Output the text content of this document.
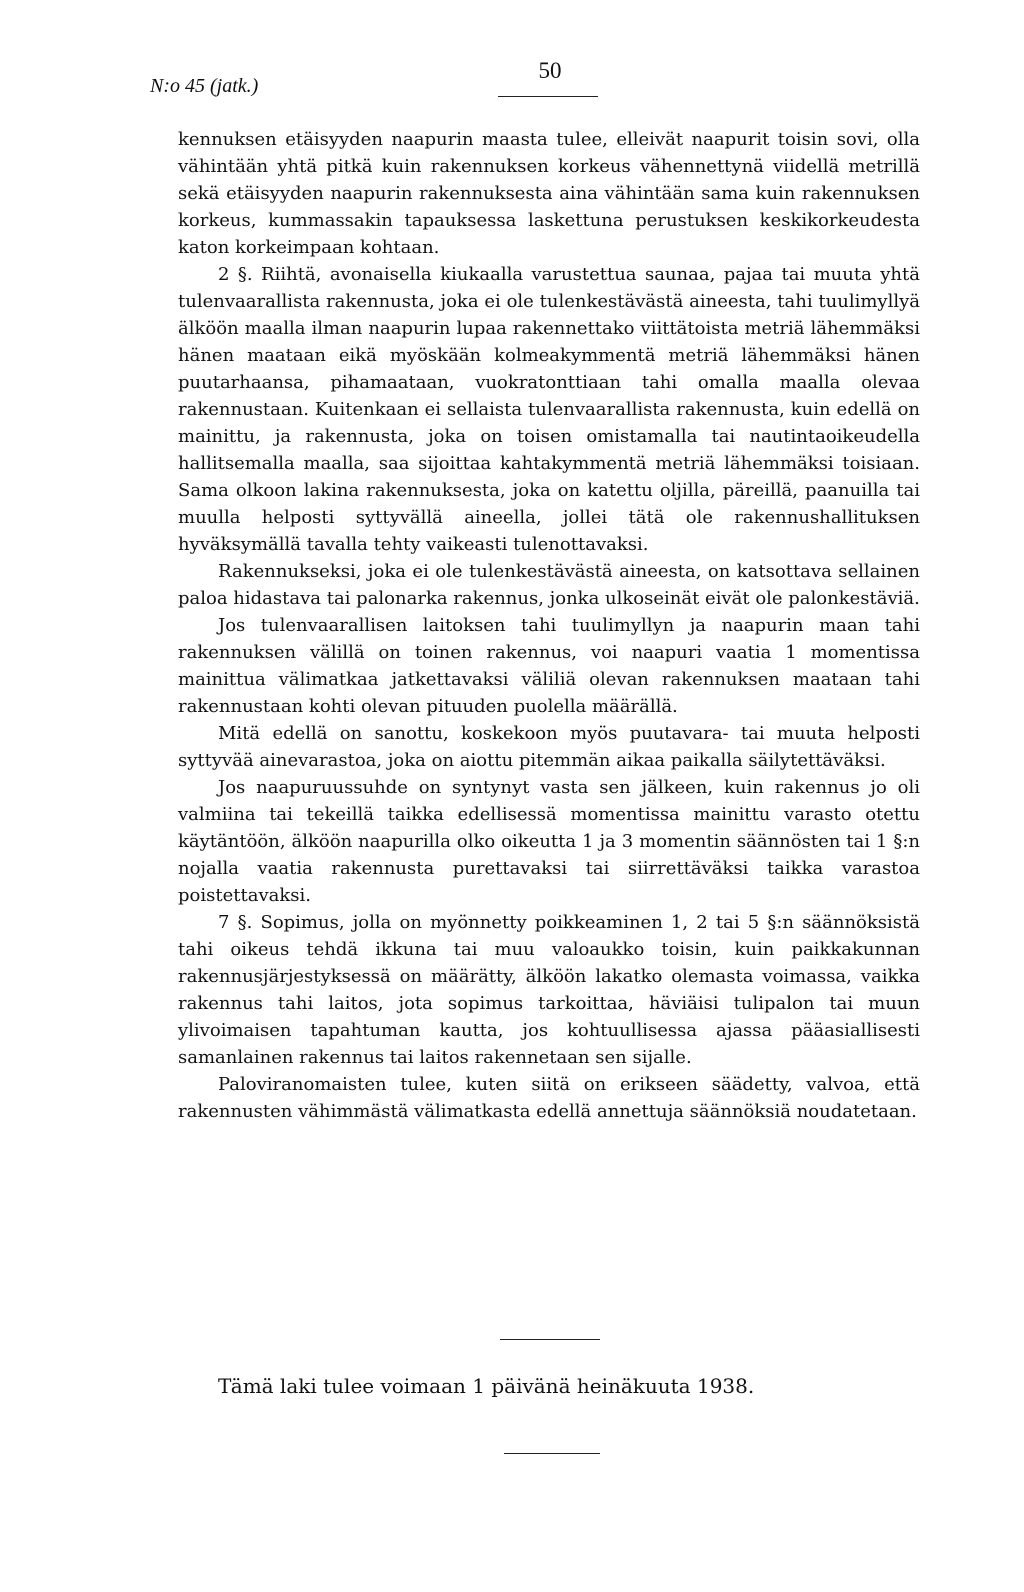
N:o 45 (jatk.)
50

kennuksen etäisyyden naapurin maasta tulee, elleivät naapurit toisin sovi, olla vähintään yhtä pitkä kuin rakennuksen korkeus vähennettynä viidellä metrillä sekä etäisyyden naapurin rakennuksesta aina vähintään sama kuin rakennuksen korkeus, kummassakin tapauksessa laskettuna perustuksen keskikorkeudesta katon korkeimpaan kohtaan.

2 §. Riihtä, avonaisella kiukaalla varustettua saunaa, pajaa tai muuta yhtä tulenvaarallista rakennusta, joka ei ole tulenkestävästä aineesta, tahi tuulimyllyä älköön maalla ilman naapurin lupaa rakennettako viittätoista metriä lähemmäksi hänen maataan eikä myöskään kolmeakymmentä metriä lähemmäksi hänen puutarhaansa, pihamaataan, vuokratonttiaan tahi omalla maalla olevaa rakennustaan. Kuitenkaan ei sellaista tulenvaarallista rakennusta, kuin edellä on mainittu, ja rakennusta, joka on toisen omistamalla tai nautintaoikeudella hallitsemalla maalla, saa sijoittaa kahtakymmentä metriä lähemmäksi toisiaan. Sama olkoon lakina rakennuksesta, joka on katettu oljilla, päreillä, paanuilla tai muulla helposti syttyvällä aineella, jollei tätä ole rakennushallituksen hyväksymällä tavalla tehty vaikeasti tulenottavaksi.

Rakennukseksi, joka ei ole tulenkestävästä aineesta, on katsottava sellainen paloa hidastava tai palonarka rakennus, jonka ulkoseinät eivät ole palonkestäviä.

Jos tulenvaarallisen laitoksen tahi tuulimyllyn ja naapurin maan tahi rakennuksen välillä on toinen rakennus, voi naapuri vaatia 1 momentissa mainittua välimatkaa jatkettavaksi väliliä olevan rakennuksen maataan tahi rakennustaan kohti olevan pituuden puolella määrällä.

Mitä edellä on sanottu, koskekoon myös puutavara- tai muuta helposti syttyvää ainevarastoa, joka on aiottu pitemmän aikaa paikalla säilytettäväksi.

Jos naapuruussuhde on syntynyt vasta sen jälkeen, kuin rakennus jo oli valmiina tai tekeillä taikka edellisessä momentissa mainittu varasto otettu käytäntöön, älköön naapurilla olko oikeutta 1 ja 3 momentin säännösten tai 1 §:n nojalla vaatia rakennusta purettavaksi tai siirrettäväksi taikka varastoa poistettavaksi.

7 §. Sopimus, jolla on myönnetty poikkeaminen 1, 2 tai 5 §:n säännöksistä tahi oikeus tehdä ikkuna tai muu valoaukko toisin, kuin paikkakunnan rakennusjärjestyksessä on määrätty, älköön lakatko olemasta voimassa, vaikka rakennus tahi laitos, jota sopimus tarkoittaa, häviäisi tulipalon tai muun ylivoimaisen tapahtuman kautta, jos kohtuullisessa ajassa pääasiallisesti samanlainen rakennus tai laitos rakennetaan sen sijalle.

Paloviranomaisten tulee, kuten siitä on erikseen säädetty, valvoa, että rakennusten vähimmästä välimatkasta edellä annettuja säännöksiä noudatetaan.

Tämä laki tulee voimaan 1 päivänä heinäkuuta 1938.
